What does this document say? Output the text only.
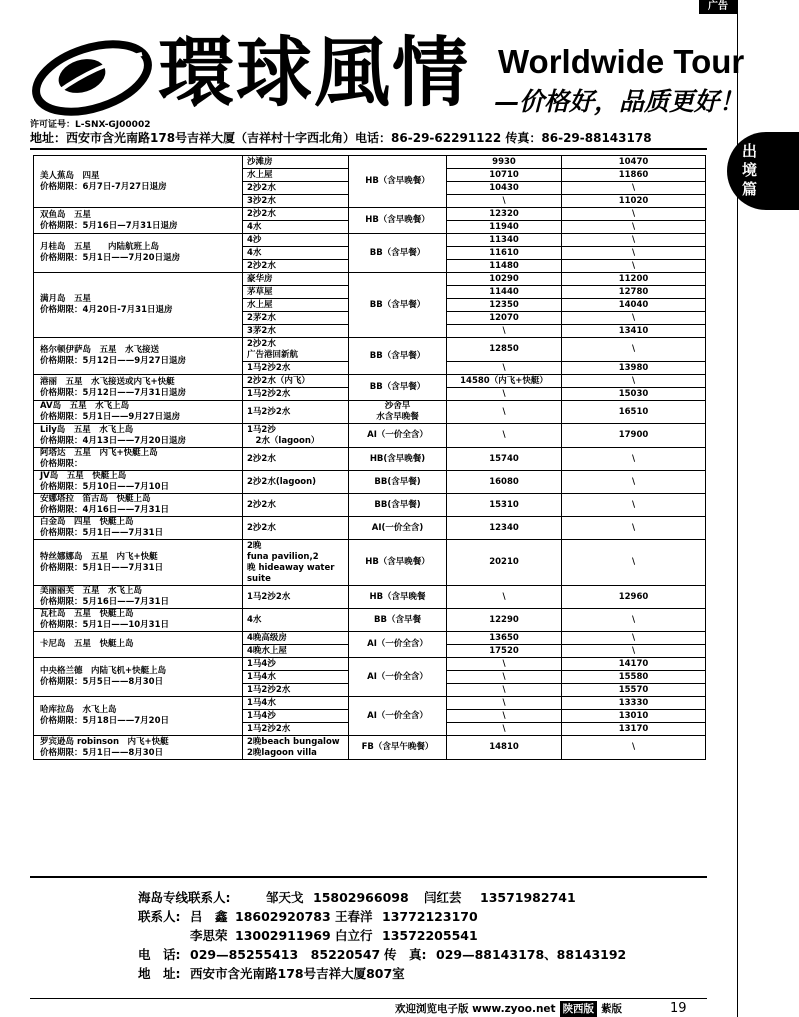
广告
出境篇
環球風情 Worldwide Tour
—价格好，品质更好！
许可证号：L-SNX-GJ00002
地址：西安市含光南路178号吉祥大厦（吉祥村十字西北角）电话：86-29-62291122 传真：86-29-88143178
美人蕉岛　四星
价格期限：6月7日-7月27日退房	沙滩房	HB（含早晚餐）	9930	10470
	水上屋		10710	11860
	2沙2水		10430	\
	3沙2水		\	11020

双鱼岛　五星
价格期限：5月16日—7月31日退房	2沙2水	HB（含早晚餐）	12320	\
	4水		11940	\

月桂岛　五星　　内陆航班上岛
价格期限：5月1日——7月20日退房	4沙	BB（含早餐）	11340	\
	4水		11610	\
	2沙2水		11480	\

满月岛　五星
价格期限：4月20日-7月31日退房	豪华房	BB（含早餐）	10290	11200
	茅草屋		11440	12780
	水上屋		12350	14040
	2茅2水		12070	\
	3茅2水		\	13410

格尔顿伊萨岛　五星　水飞接送
价格期限：5月12日——9月27日退房	2沙2水
广告港回新航	BB（含早餐）	12850	\
	1马2沙2水		\	13980

港丽　五星　水飞接送或内飞+快艇
价格期限：5月12日——7月31日退房	2沙2水（内飞）	BB（含早餐）	14580（内飞+快艇）	\
	1马2沙2水		\	15030

AV岛　五星　水飞上岛
价格期限：5月1日——9月27日退房	1马2沙2水	沙舍早
水含早晚餐	\	16510

Lily岛　五星　水飞上岛
价格期限：4月13日——7月20日退房	1马2沙
　2水（lagoon）	AI（一价全含）	\	17900

阿塔达　五星　内飞+快艇上岛
价格期限：	2沙2水	HB(含早晚餐)	15740	\

JV岛　五星　快艇上岛
价格期限：5月10日——7月10日	2沙2水(lagoon)	BB(含早餐)	16080	\

安娜塔拉　笛古岛　快艇上岛
价格期限：4月16日——7月31日	2沙2水	BB(含早餐)	15310	\

白金岛　四星　快艇上岛
价格期限：5月1日——7月31日	2沙2水	AI(一价全含)	12340	\

特丝娜娜岛　五星　内飞+快艇
价格期限：5月1日——7月31日	2晚
funa pavilion,2
晚 hideaway water
suite	HB（含早晚餐）	20210	\

美丽丽芙　五星　水飞上岛
价格期限：5月16日——7月31日	1马2沙2水	HB（含早晚餐	\	12960

瓦杜岛　五星　快艇上岛
价格期限：5月1日——10月31日	4水	BB（含早餐	12290	\

卡尼岛　五星　快艇上岛	4晚高级房	AI（一价全含）	13650	\
	4晚水上屋		17520	\

中央格兰德　内陆飞机+快艇上岛
价格期限：5月5日——8月30日	1马4沙	AI（一价全含）	\	14170
	1马4水		\	15580
	1马2沙2水		\	15570

哈库拉岛　水飞上岛
价格期限：5月18日——7月20日	1马4水	AI（一价全含）	\	13330
	1马4沙		\	13010
	1马2沙2水		\	13170

罗宾逊岛 robinson　内飞+快艇
价格期限：5月1日——8月30日	2晚beach bungalow
2晚lagoon villa	FB（含早午晚餐）	14810	\
海岛专线联系人:	邹天戈 15802966098 闫红芸 13571982741
联系人: 吕　鑫 18602920783 王春洋 13772123170
李思荣 13002911969 白立行 13572205541
电　话: 029—85255413　85220547 传　真: 029—88143178、88143192
地　址: 西安市含光南路178号吉祥大厦807室
欢迎浏览电子版 www.zyoo.net 陕西版 紫版	19
